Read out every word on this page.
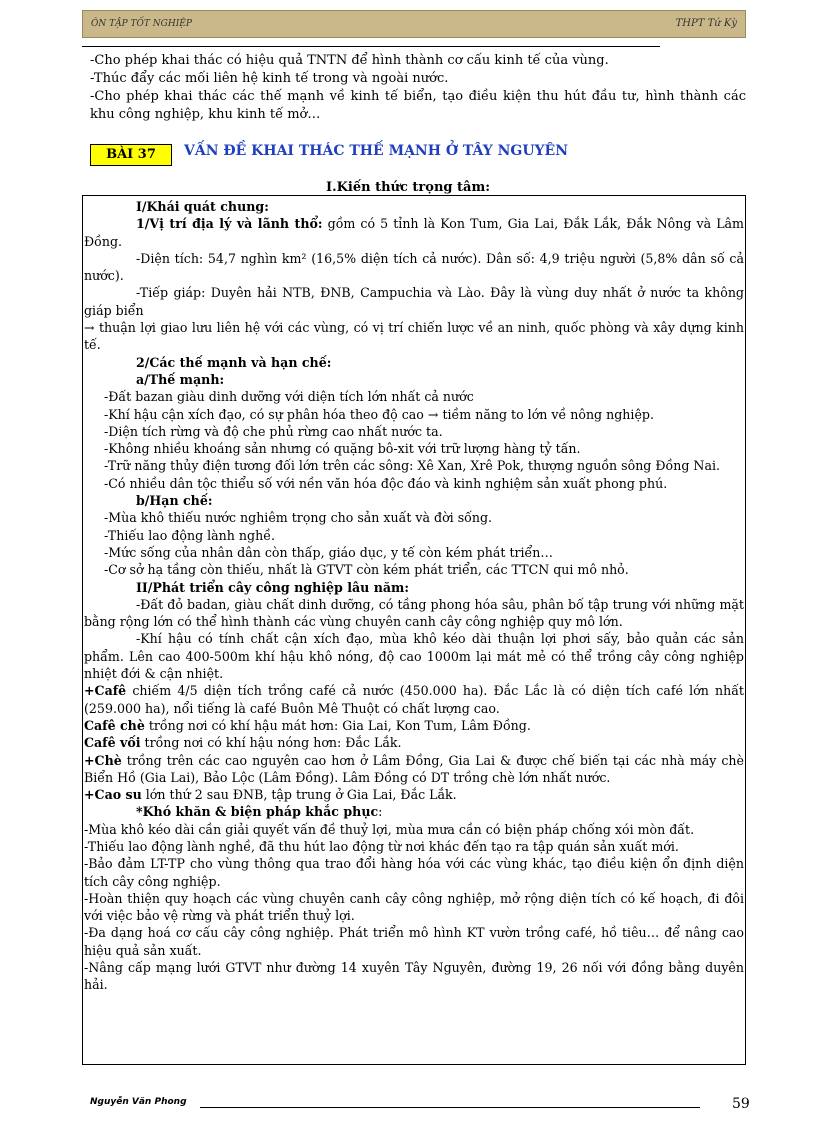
ÔN TẬP TỐT NGHIỆP	THPT Tứ Kỳ

-Cho phép khai thác có hiệu quả TNTN để hình thành cơ cấu kinh tế của vùng.

-Thúc đẩy các mối liên hệ kinh tế trong và ngoài nước.

-Cho phép khai thác các thế mạnh về kinh tế biển, tạo điều kiện thu hút đầu tư, hình thành các khu công nghiệp, khu kinh tế mở…

BÀI 37	VẤN ĐỀ KHAI THÁC THẾ MẠNH Ở TÂY NGUYÊN
I.Kiến thức trọng tâm:

I/Khái quát chung:

1/Vị trí địa lý và lãnh thổ: gồm có 5 tỉnh là Kon Tum, Gia Lai, Đắk Lắk, Đắk Nông và Lâm Đồng.

-Diện tích: 54,7 nghìn km² (16,5% diện tích cả nước). Dân số: 4,9 triệu người (5,8% dân số cả nước).

-Tiếp giáp: Duyên hải NTB, ĐNB, Campuchia và Lào. Đây là vùng duy nhất ở nước ta không giáp biển

→ thuận lợi giao lưu liên hệ với các vùng, có vị trí chiến lược về an ninh, quốc phòng và xây dựng kinh tế.

2/Các thế mạnh và hạn chế:

a/Thế mạnh:

-Đất bazan giàu dinh dưỡng với diện tích lớn nhất cả nước

-Khí hậu cận xích đạo, có sự phân hóa theo độ cao → tiềm năng to lớn về nông nghiệp.

-Diện tích rừng và độ che phủ rừng cao nhất nước ta.

-Không nhiều khoáng sản nhưng có quặng bô-xit với trữ lượng hàng tỷ tấn.

-Trữ năng thủy điện tương đối lớn trên các sông: Xê Xan, Xrê Pok, thượng nguồn sông Đồng Nai.

-Có nhiều dân tộc thiểu số với nền văn hóa độc đáo và kinh nghiệm sản xuất phong phú.

b/Hạn chế:

-Mùa khô thiếu nước nghiêm trọng cho sản xuất và đời sống.

-Thiếu lao động lành nghề.

-Mức sống của nhân dân còn thấp, giáo dục, y tế còn kém phát triển…

-Cơ sở hạ tầng còn thiếu, nhất là GTVT còn kém phát triển, các TTCN qui mô nhỏ.

II/Phát triển cây công nghiệp lâu năm:

-Đất đỏ badan, giàu chất dinh dưỡng, có tầng phong hóa sâu, phân bố tập trung với những mặt bằng rộng lớn có thể hình thành các vùng chuyên canh cây công nghiệp quy mô lớn.

-Khí hậu có tính chất cận xích đạo, mùa khô kéo dài thuận lợi phơi sấy, bảo quản các sản phẩm. Lên cao 400-500m khí hậu khô nóng, độ cao 1000m lại mát mẻ có thể trồng cây công nghiệp nhiệt đới & cận nhiệt.

+Cafê chiếm 4/5 diện tích trồng café cả nước (450.000 ha). Đắc Lắc là có diện tích café lớn nhất (259.000 ha), nổi tiếng là café Buôn Mê Thuột có chất lượng cao.

Cafê chè trồng nơi có khí hậu mát hơn: Gia Lai, Kon Tum, Lâm Đồng.

Cafê vối trồng nơi có khí hậu nóng hơn: Đắc Lắk.

+Chè trồng trên các cao nguyên cao hơn ở Lâm Đồng, Gia Lai & được chế biến tại các nhà máy chè Biển Hồ (Gia Lai), Bảo Lộc (Lâm Đồng). Lâm Đồng có DT trồng chè lớn nhất nước.

+Cao su lớn thứ 2 sau ĐNB, tập trung ở Gia Lai, Đắc Lắk.

*Khó khăn & biện pháp khắc phục:

-Mùa khô kéo dài cần giải quyết vấn đề thuỷ lợi, mùa mưa cần có biện pháp chống xói mòn đất.

-Thiếu lao động lành nghề, đã thu hút lao động từ nơi khác đến tạo ra tập quán sản xuất mới.

-Bảo đảm LT-TP cho vùng thông qua trao đổi hàng hóa với các vùng khác, tạo điều kiện ổn định diện tích cây công nghiệp.

-Hoàn thiện quy hoạch các vùng chuyên canh cây công nghiệp, mở rộng diện tích có kế hoạch, đi đôi với việc bảo vệ rừng và phát triển thuỷ lợi.

-Đa dạng hoá cơ cấu cây công nghiệp. Phát triển mô hình KT vườn trồng café, hồ tiêu… để nâng cao hiệu quả sản xuất.

-Nâng cấp mạng lưới GTVT như đường 14 xuyên Tây Nguyên, đường 19, 26 nối với đồng bằng duyên hải.

Nguyễn Văn Phong	59
